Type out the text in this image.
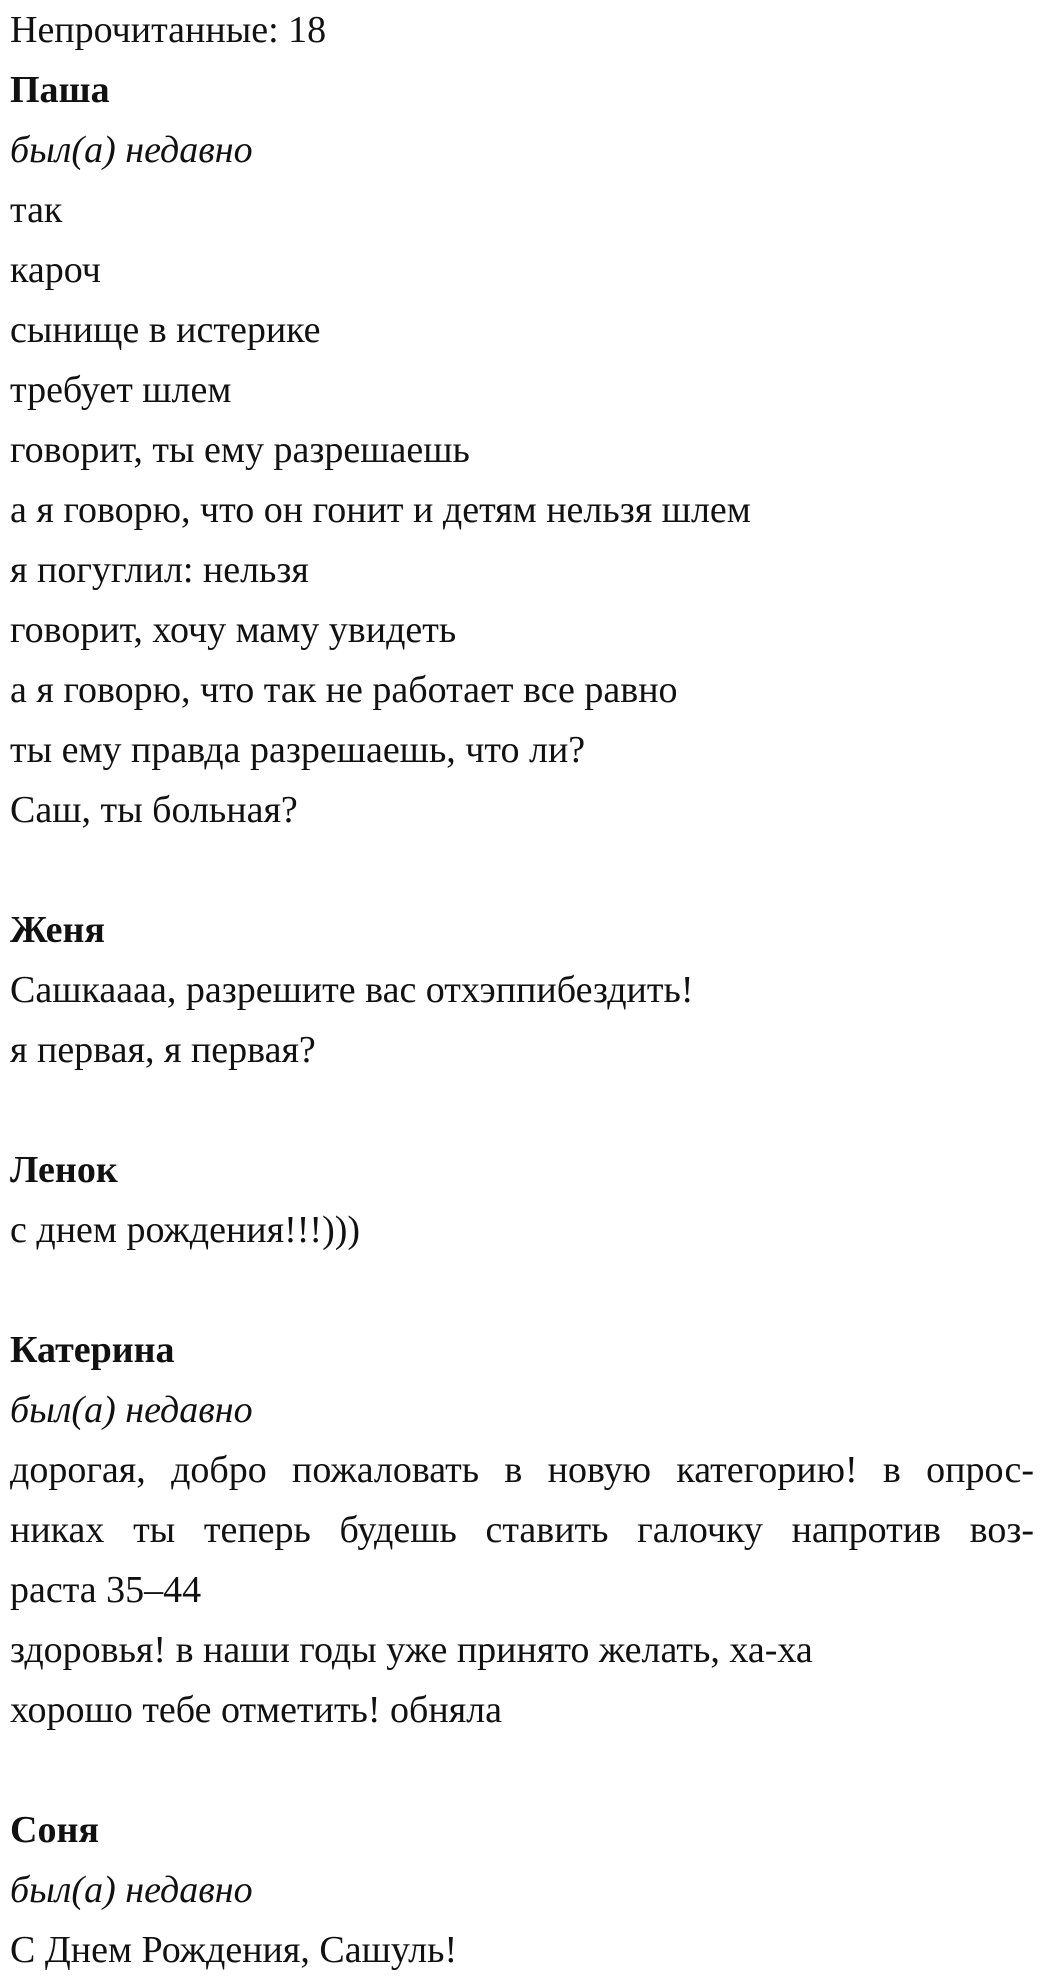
Непрочитанные: 18
Паша
был(а) недавно
так
кароч
сынище в истерике
требует шлем
говорит, ты ему разрешаешь
а я говорю, что он гонит и детям нельзя шлем
я погуглил: нельзя
говорит, хочу маму увидеть
а я говорю, что так не работает все равно
ты ему правда разрешаешь, что ли?
Саш, ты больная?
Женя
Сашкаааа, разрешите вас отхэппибездить!
я первая, я первая?
Ленок
с днем рождения!!!)))
Катерина
был(а) недавно
дорогая, добро пожаловать в новую категорию! в опрос-
никах ты теперь будешь ставить галочку напротив воз-
раста 35–44
здоровья! в наши годы уже принято желать, ха-ха
хорошо тебе отметить! обняла
Соня
был(а) недавно
С Днем Рождения, Сашуль!
